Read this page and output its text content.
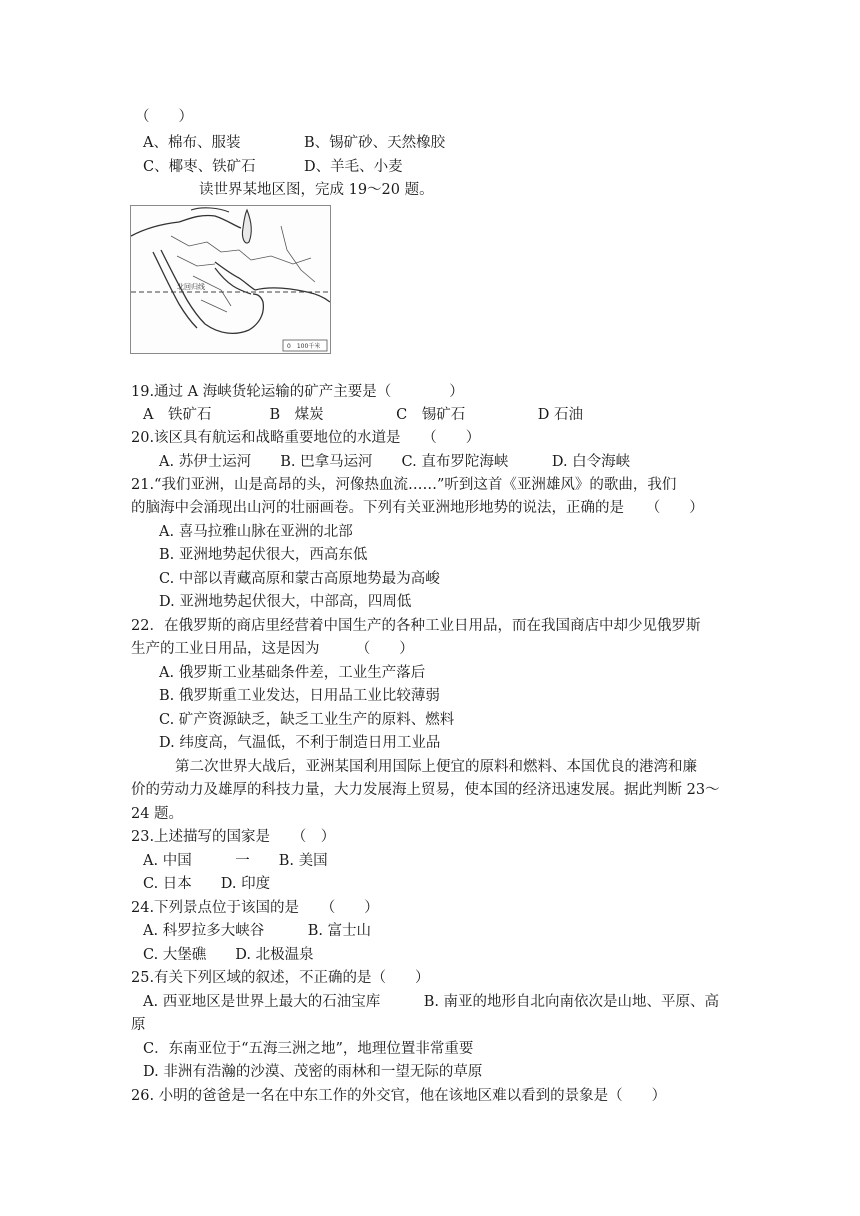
（　　）
A、棉布、服装	B、锡矿砂、天然橡胶
C、椰枣、铁矿石	D、羊毛、小麦
读世界某地区图，完成 19～20 题。
北回归线
0　100千米
19.通过 A 海峡货轮运输的矿产主要是（　　　　）
A　铁矿石　　　　B　煤炭　　　　　C　锡矿石　　　　　D 石油
20.该区具有航运和战略重要地位的水道是　　（　　）
A. 苏伊士运河　　B. 巴拿马运河　　C. 直布罗陀海峡　　　D. 白令海峡
21.“我们亚洲，山是高昂的头，河像热血流……”听到这首《亚洲雄风》的歌曲，我们
的脑海中会涌现出山河的壮丽画卷。下列有关亚洲地形地势的说法，正确的是　　（　　）
A. 喜马拉雅山脉在亚洲的北部
B. 亚洲地势起伏很大，西高东低
C. 中部以青藏高原和蒙古高原地势最为高峻
D. 亚洲地势起伏很大，中部高，四周低
22．在俄罗斯的商店里经营着中国生产的各种工业日用品，而在我国商店中却少见俄罗斯
生产的工业日用品，这是因为　　　（　　）
A. 俄罗斯工业基础条件差，工业生产落后
B. 俄罗斯重工业发达，日用品工业比较薄弱
C. 矿产资源缺乏，缺乏工业生产的原料、燃料
D. 纬度高，气温低，不利于制造日用工业品
第二次世界大战后，亚洲某国利用国际上便宜的原料和燃料、本国优良的港湾和廉
价的劳动力及雄厚的科技力量，大力发展海上贸易，使本国的经济迅速发展。据此判断 23～
24 题。
23.上述描写的国家是　　（　）
A. 中国　　　一　　B. 美国
C. 日本　　D. 印度
24.下列景点位于该国的是　　（　　）
A. 科罗拉多大峡谷　　　B. 富士山
C. 大堡礁　　D. 北极温泉
25.有关下列区域的叙述，不正确的是（　　）
A. 西亚地区是世界上最大的石油宝库　　　B. 南亚的地形自北向南依次是山地、平原、高
原
C．东南亚位于“五海三洲之地”，地理位置非常重要
D. 非洲有浩瀚的沙漠、茂密的雨林和一望无际的草原
26. 小明的爸爸是一名在中东工作的外交官，他在该地区难以看到的景象是（　　）
